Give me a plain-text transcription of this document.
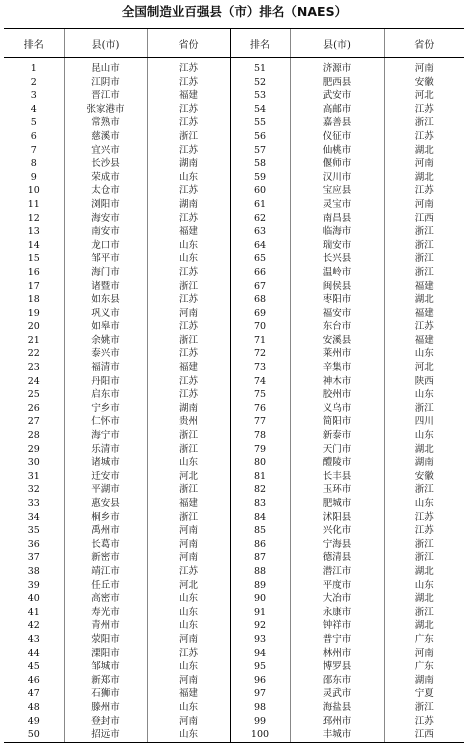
全国制造业百强县（市）排名（NAES）
排名	县(市)	省份	排名	县(市)	省份
1	昆山市	江苏	51	济源市	河南
2	江阴市	江苏	52	肥西县	安徽
3	晋江市	福建	53	武安市	河北
4	张家港市	江苏	54	高邮市	江苏
5	常熟市	江苏	55	嘉善县	浙江
6	慈溪市	浙江	56	仪征市	江苏
7	宜兴市	江苏	57	仙桃市	湖北
8	长沙县	湖南	58	偃师市	河南
9	荣成市	山东	59	汉川市	湖北
10	太仓市	江苏	60	宝应县	江苏
11	浏阳市	湖南	61	灵宝市	河南
12	海安市	江苏	62	南昌县	江西
13	南安市	福建	63	临海市	浙江
14	龙口市	山东	64	瑞安市	浙江
15	邹平市	山东	65	长兴县	浙江
16	海门市	江苏	66	温岭市	浙江
17	诸暨市	浙江	67	闽侯县	福建
18	如东县	江苏	68	枣阳市	湖北
19	巩义市	河南	69	福安市	福建
20	如皋市	江苏	70	东台市	江苏
21	余姚市	浙江	71	安溪县	福建
22	泰兴市	江苏	72	莱州市	山东
23	福清市	福建	73	辛集市	河北
24	丹阳市	江苏	74	神木市	陕西
25	启东市	江苏	75	胶州市	山东
26	宁乡市	湖南	76	义乌市	浙江
27	仁怀市	贵州	77	简阳市	四川
28	海宁市	浙江	78	新泰市	山东
29	乐清市	浙江	79	天门市	湖北
30	诸城市	山东	80	醴陵市	湖南
31	迁安市	河北	81	长丰县	安徽
32	平湖市	浙江	82	玉环市	浙江
33	惠安县	福建	83	肥城市	山东
34	桐乡市	浙江	84	沭阳县	江苏
35	禹州市	河南	85	兴化市	江苏
36	长葛市	河南	86	宁海县	浙江
37	新密市	河南	87	德清县	浙江
38	靖江市	江苏	88	潜江市	湖北
39	任丘市	河北	89	平度市	山东
40	高密市	山东	90	大冶市	湖北
41	寿光市	山东	91	永康市	浙江
42	青州市	山东	92	钟祥市	湖北
43	荥阳市	河南	93	普宁市	广东
44	溧阳市	江苏	94	林州市	河南
45	邹城市	山东	95	博罗县	广东
46	新郑市	河南	96	邵东市	湖南
47	石狮市	福建	97	灵武市	宁夏
48	滕州市	山东	98	海盐县	浙江
49	登封市	河南	99	邳州市	江苏
50	招远市	山东	100	丰城市	江西
